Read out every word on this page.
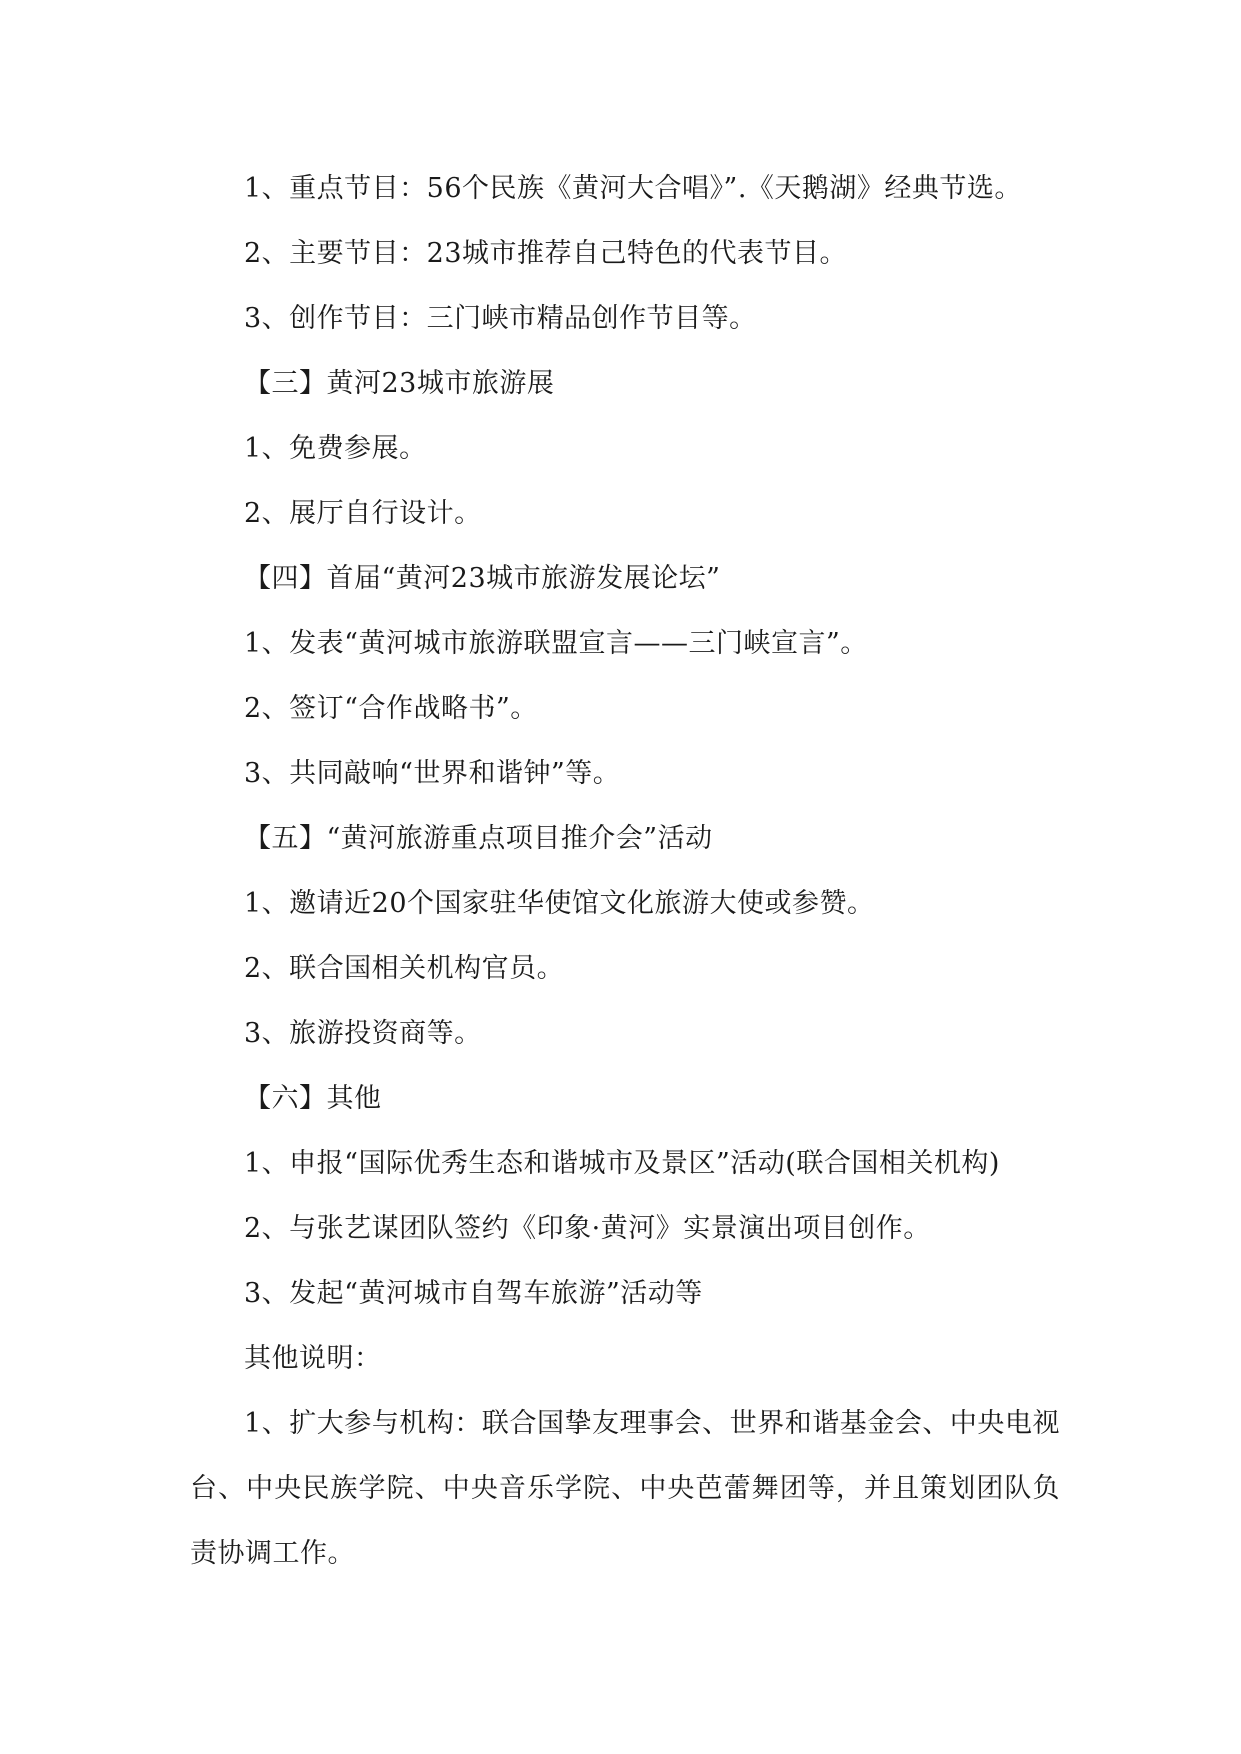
1、重点节目：56个民族《黄河大合唱》”.《天鹅湖》经典节选。
2、主要节目：23城市推荐自己特色的代表节目。
3、创作节目：三门峡市精品创作节目等。
【三】黄河23城市旅游展
1、免费参展。
2、展厅自行设计。
【四】首届“黄河23城市旅游发展论坛”
1、发表“黄河城市旅游联盟宣言——三门峡宣言”。
2、签订“合作战略书”。
3、共同敲响“世界和谐钟”等。
【五】“黄河旅游重点项目推介会”活动
1、邀请近20个国家驻华使馆文化旅游大使或参赞。
2、联合国相关机构官员。
3、旅游投资商等。
【六】其他
1、申报“国际优秀生态和谐城市及景区”活动(联合国相关机构)
2、与张艺谋团队签约《印象·黄河》实景演出项目创作。
3、发起“黄河城市自驾车旅游”活动等
其他说明：
1、扩大参与机构：联合国挚友理事会、世界和谐基金会、中央电视台、中央民族学院、中央音乐学院、中央芭蕾舞团等，并且策划团队负责协调工作。
